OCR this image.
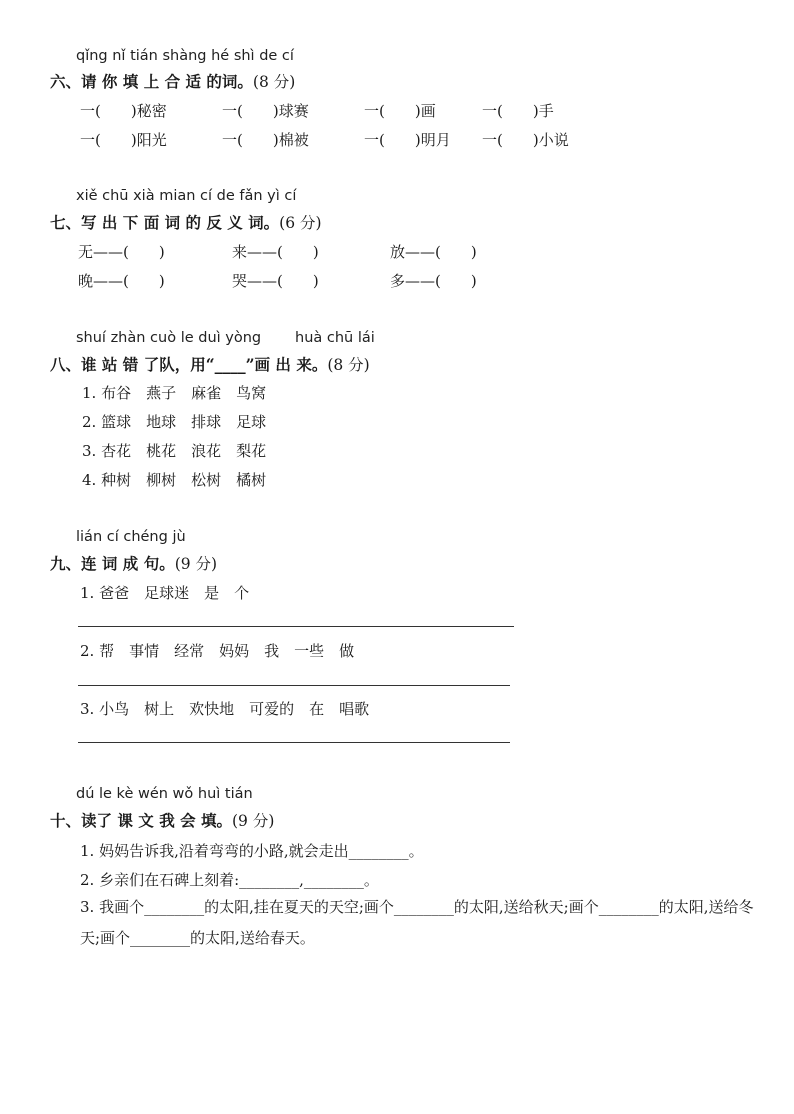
qǐng nǐ tián shàng hé shì de cí
六、请 你 填 上 合 适 的词。(8 分)
一(　　)秘密	一(　　)球赛	一(　　)画	一(　　)手
一(　　)阳光	一(　　)棉被	一(　　)明月 一(　　)小说
xiě chū xià mian cí de fǎn yì cí
七、写 出 下 面 词 的 反 义 词。(6 分)
无——(　　)	来——(　　)	放——(　　)
晚——(　　)	哭——(　　)	多——(　　)
shuí zhàn cuò le duì yòng huà chū lái
八、谁 站 错 了队，用“____”画 出 来。(8 分)
1. 布谷　燕子　麻雀　鸟窝
2. 篮球　地球　排球　足球
3. 杏花　桃花　浪花　梨花
4. 种树　柳树　松树　橘树
lián cí chéng jù
九、连 词 成 句。(9 分)
1. 爸爸　足球迷　是　个
2. 帮　事情　经常　妈妈　我　一些　做
3. 小鸟　树上　欢快地　可爱的　在　唱歌
dú le kè wén wǒ huì tián
十、读了 课 文 我 会 填。(9 分)
1. 妈妈告诉我,沿着弯弯的小路,就会走出________。
2. 乡亲们在石碑上刻着:________,________。
3. 我画个________的太阳,挂在夏天的天空;画个________的太阳,送给秋天;画个________的太阳,送给冬天;画个________的太阳,送给春天。
